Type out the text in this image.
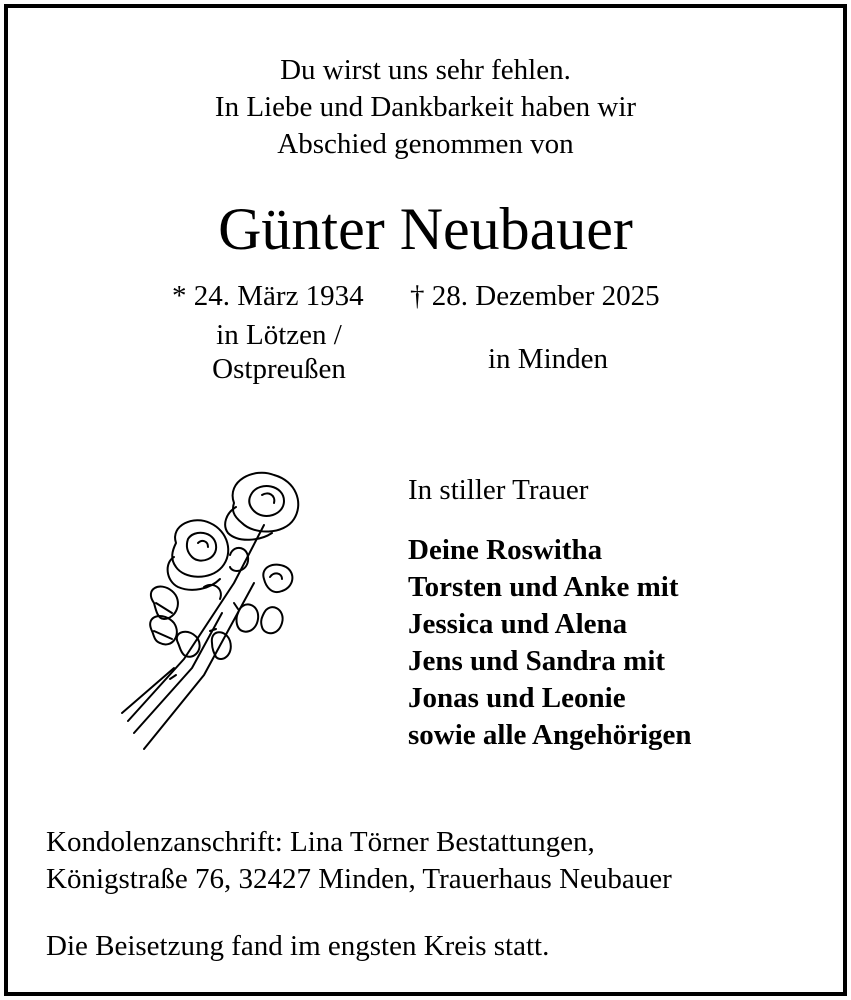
Du wirst uns sehr fehlen.
In Liebe und Dankbarkeit haben wir
Abschied genommen von
Günter Neubauer
* 24. März 1934 † 28. Dezember 2025
in Lötzen /
Ostpreußen	in Minden
In stiller Trauer
Deine Roswitha
Torsten und Anke mit
Jessica und Alena
Jens und Sandra mit
Jonas und Leonie
sowie alle Angehörigen
Kondolenzanschrift: Lina Törner Bestattungen,
Königstraße 76, 32427 Minden, Trauerhaus Neubauer
Die Beisetzung fand im engsten Kreis statt.
